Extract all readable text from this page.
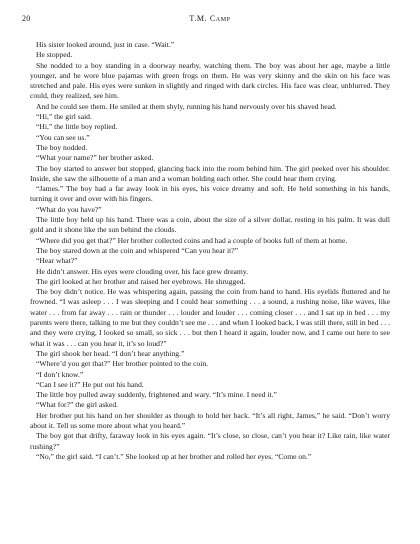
20	T.M. Camp

His sister looked around, just in case. “Wait.”

He stopped.

She nodded to a boy standing in a doorway nearby, watching them. The boy was about her age, maybe a little younger, and he wore blue pajamas with green frogs on them. He was very skinny and the skin on his face was stretched and pale. His eyes were sunken in slightly and ringed with dark circles. His face was clear, unblurred. They could, they realized, see him.

And he could see them. He smiled at them shyly, running his hand nervously over his shaved head.

“Hi,” the girl said.

“Hi,” the little boy replied.

“You can see us.”

The boy nodded.

“What your name?” her brother asked.

The boy started to answer but stopped, glancing back into the room behind him. The girl peeked over his shoulder. Inside, she saw the silhouette of a man and a woman holding each other. She could hear them crying.

“James.” The boy had a far away look in his eyes, his voice dreamy and soft. He held something in his hands, turning it over and over with his fingers.

“What do you have?”

The little boy held up his hand. There was a coin, about the size of a silver dollar, resting in his palm. It was dull gold and it shone like the sun behind the clouds.

“Where did you get that?” Her brother collected coins and had a couple of books full of them at home.

The boy stared down at the coin and whispered “Can you hear it?”

“Hear what?”

He didn’t answer. His eyes were clouding over, his face grew dreamy.

The girl looked at her brother and raised her eyebrows. He shrugged.

The boy didn’t notice. He was whispering again, passing the coin from hand to hand. His eyelids fluttered and he frowned. “I was asleep . . . I was sleeping and I could hear something . . . a sound, a rushing noise, like waves, like water . . . from far away . . . rain or thunder . . . louder and louder . . . coming closer . . . and I sat up in bed . . . my parents were there, talking to me but they couldn’t see me . . . and when I looked back, I was still there, still in bed . . . and they were crying, I looked so small, so sick . . . but then I heard it again, louder now, and I came out here to see what it was . . . can you hear it, it’s so loud?”

The girl shook her head. “I don’t hear anything.”

“Where’d you get that?” Her brother pointed to the coin.

“I don’t know.”

“Can I see it?” He put out his hand.

The little boy pulled away suddenly, frightened and wary. “It’s mine. I need it.”

“What for?” the girl asked.

Her brother put his hand on her shoulder as though to hold her back. “It’s all right, James,” he said. “Don’t worry about it. Tell us some more about what you heard.”

The boy got that drifty, faraway look in his eyes again. “It’s close, so close, can’t you hear it? Like rain, like water rushing?”

“No,” the girl said. “I can’t.” She looked up at her brother and rolled her eyes. “Come on.”
